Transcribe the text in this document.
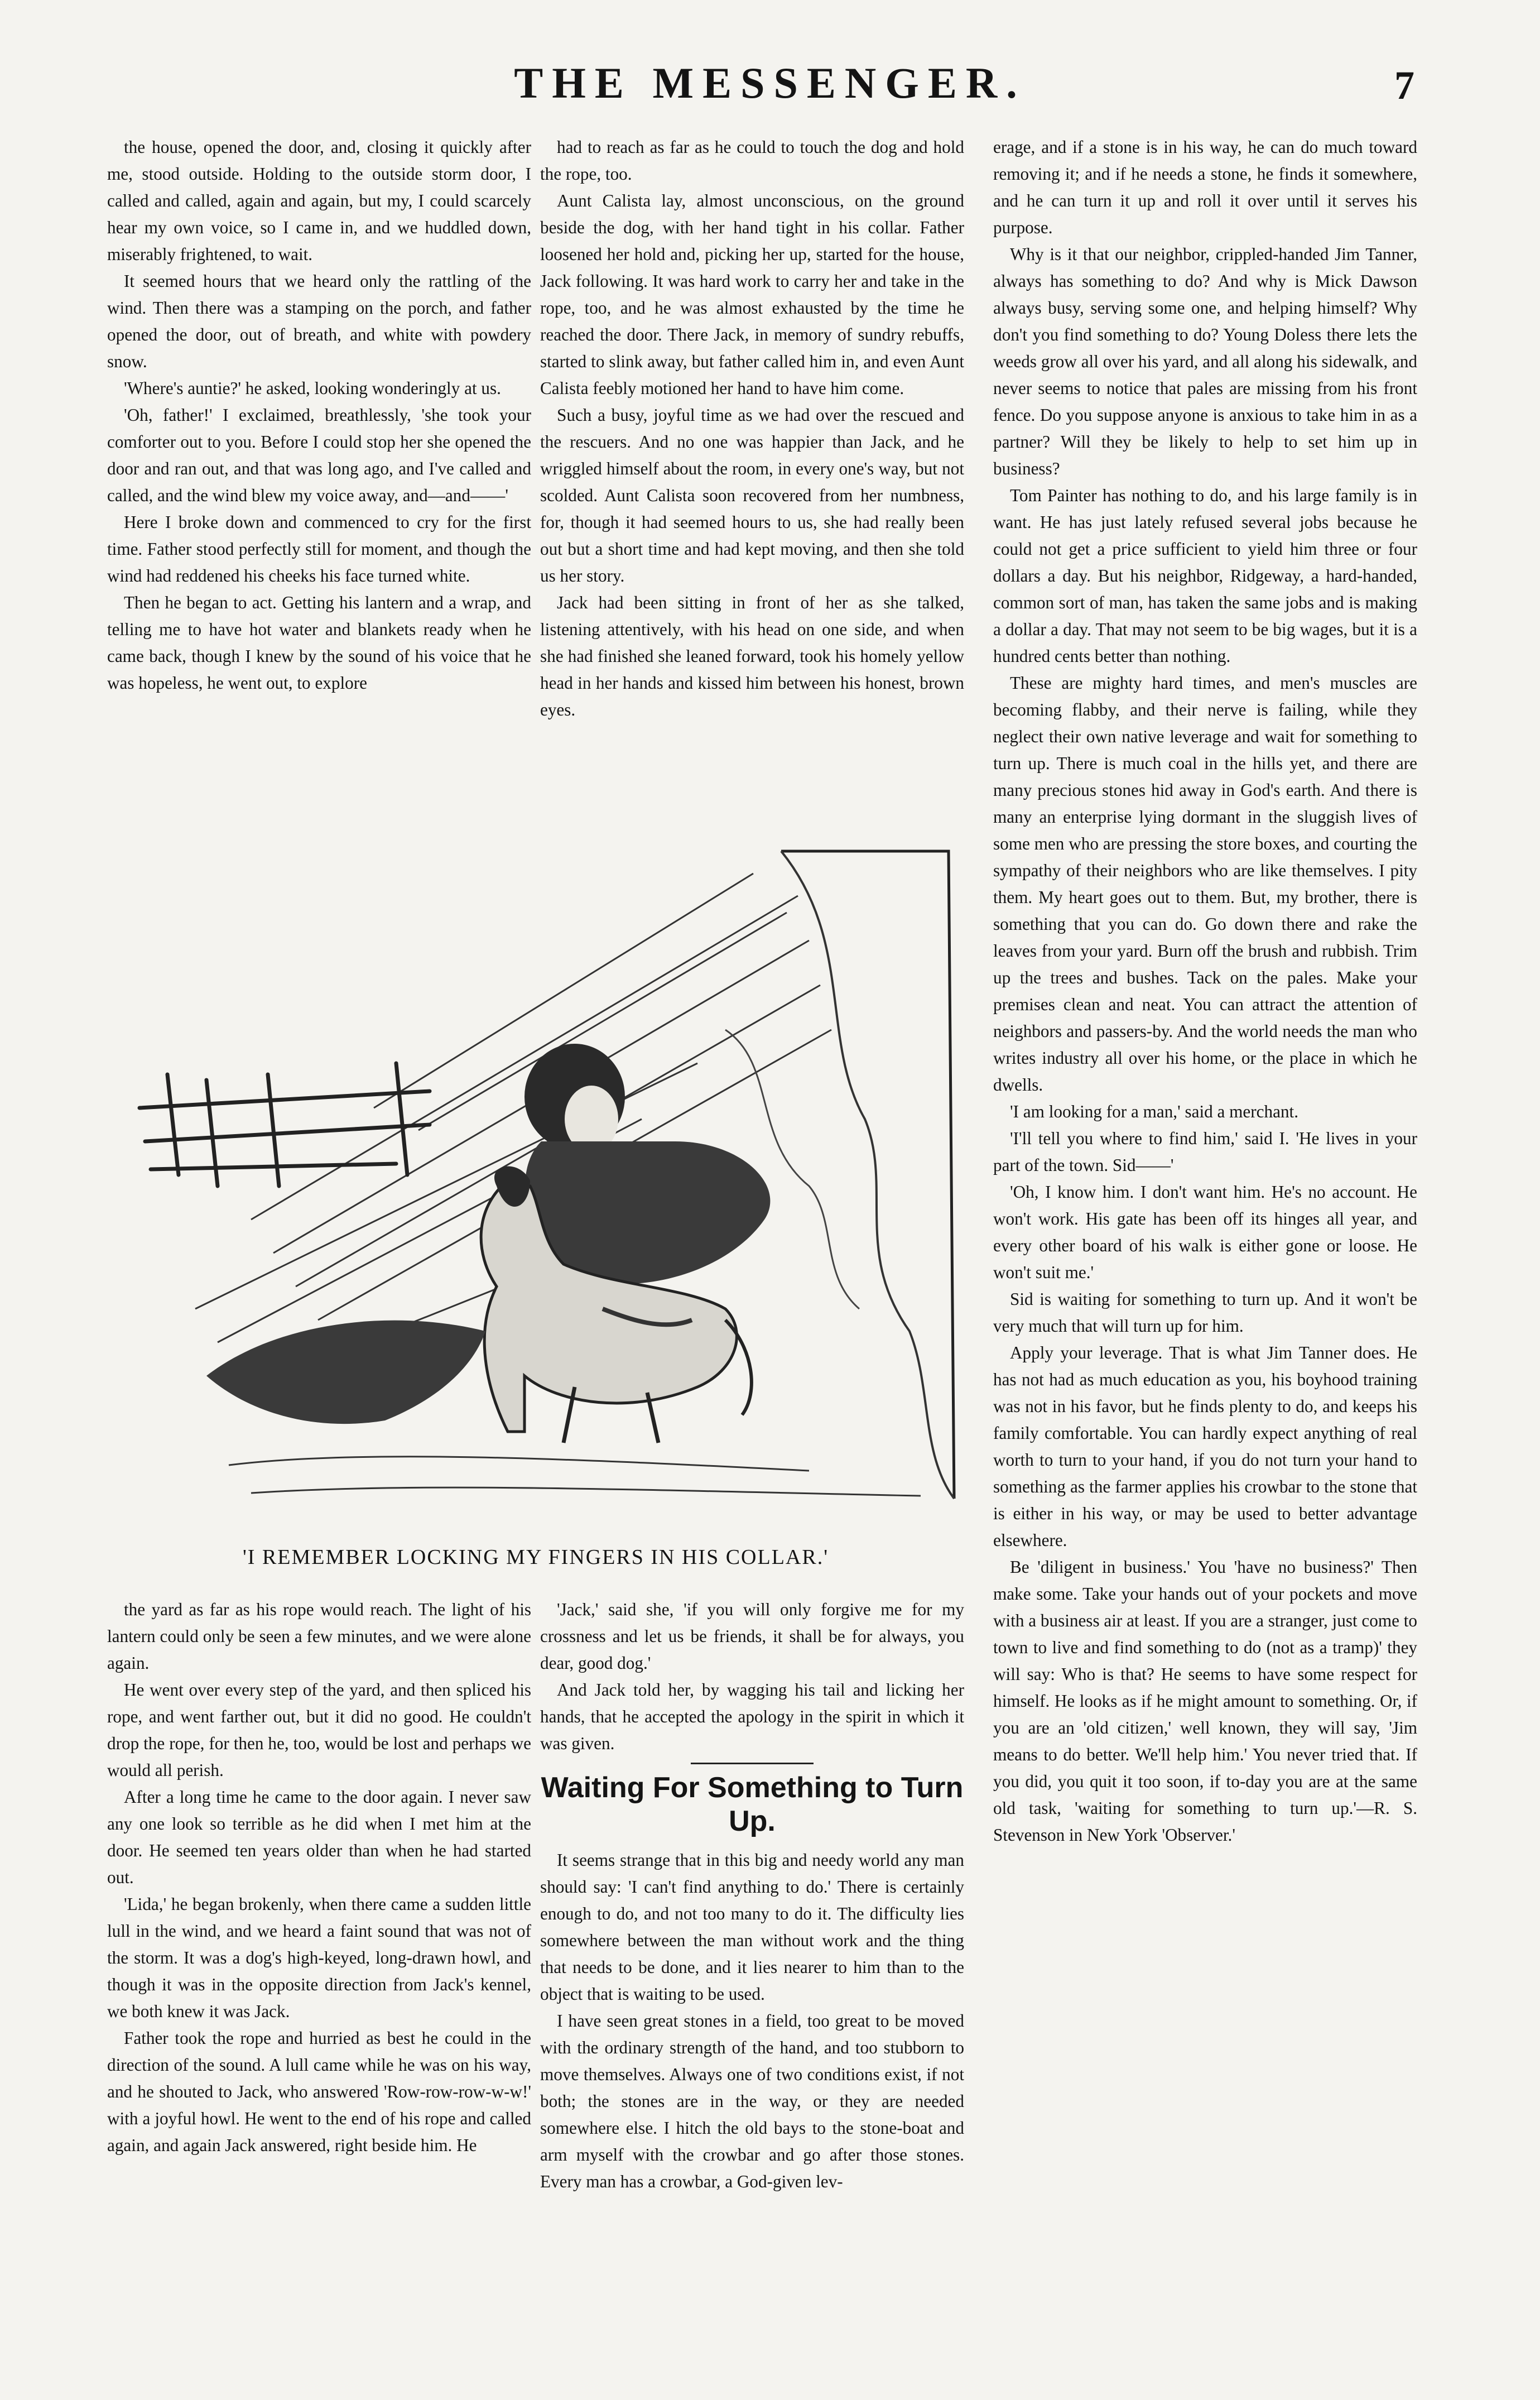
THE MESSENGER.	7

the house, opened the door, and, closing it quickly after me, stood outside. Holding to the outside storm door, I called and called, again and again, but my, I could scarcely hear my own voice, so I came in, and we huddled down, miserably frightened, to wait.

It seemed hours that we heard only the rattling of the wind. Then there was a stamping on the porch, and father opened the door, out of breath, and white with powdery snow.

'Where's auntie?' he asked, looking wonderingly at us.

'Oh, father!' I exclaimed, breathlessly, 'she took your comforter out to you. Before I could stop her she opened the door and ran out, and that was long ago, and I've called and called, and the wind blew my voice away, and—and——'

Here I broke down and commenced to cry for the first time. Father stood perfectly still for moment, and though the wind had reddened his cheeks his face turned white.

Then he began to act. Getting his lantern and a wrap, and telling me to have hot water and blankets ready when he came back, though I knew by the sound of his voice that he was hopeless, he went out, to explore

had to reach as far as he could to touch the dog and hold the rope, too.

Aunt Calista lay, almost unconscious, on the ground beside the dog, with her hand tight in his collar. Father loosened her hold and, picking her up, started for the house, Jack following. It was hard work to carry her and take in the rope, too, and he was almost exhausted by the time he reached the door. There Jack, in memory of sundry rebuffs, started to slink away, but father called him in, and even Aunt Calista feebly motioned her hand to have him come.

Such a busy, joyful time as we had over the rescued and the rescuers. And no one was happier than Jack, and he wriggled himself about the room, in every one's way, but not scolded. Aunt Calista soon recovered from her numbness, for, though it had seemed hours to us, she had really been out but a short time and had kept moving, and then she told us her story.

Jack had been sitting in front of her as she talked, listening attentively, with his head on one side, and when she had finished she leaned forward, took his homely yellow head in her hands and kissed him between his honest, brown eyes.

'I REMEMBER LOCKING MY FINGERS IN HIS COLLAR.'

the yard as far as his rope would reach. The light of his lantern could only be seen a few minutes, and we were alone again.

He went over every step of the yard, and then spliced his rope, and went farther out, but it did no good. He couldn't drop the rope, for then he, too, would be lost and perhaps we would all perish.

After a long time he came to the door again. I never saw any one look so terrible as he did when I met him at the door. He seemed ten years older than when he had started out.

'Lida,' he began brokenly, when there came a sudden little lull in the wind, and we heard a faint sound that was not of the storm. It was a dog's high-keyed, long-drawn howl, and though it was in the opposite direction from Jack's kennel, we both knew it was Jack.

Father took the rope and hurried as best he could in the direction of the sound. A lull came while he was on his way, and he shouted to Jack, who answered 'Row-row-row-w-w!' with a joyful howl. He went to the end of his rope and called again, and again Jack answered, right beside him. He

'Jack,' said she, 'if you will only forgive me for my crossness and let us be friends, it shall be for always, you dear, good dog.'

And Jack told her, by wagging his tail and licking her hands, that he accepted the apology in the spirit in which it was given.

Waiting For Something to Turn Up.

It seems strange that in this big and needy world any man should say: 'I can't find anything to do.' There is certainly enough to do, and not too many to do it. The difficulty lies somewhere between the man without work and the thing that needs to be done, and it lies nearer to him than to the object that is waiting to be used.

I have seen great stones in a field, too great to be moved with the ordinary strength of the hand, and too stubborn to move themselves. Always one of two conditions exist, if not both; the stones are in the way, or they are needed somewhere else. I hitch the old bays to the stone-boat and arm myself with the crowbar and go after those stones. Every man has a crowbar, a God-given lev-

erage, and if a stone is in his way, he can do much toward removing it; and if he needs a stone, he finds it somewhere, and he can turn it up and roll it over until it serves his purpose.

Why is it that our neighbor, crippled-handed Jim Tanner, always has something to do? And why is Mick Dawson always busy, serving some one, and helping himself? Why don't you find something to do? Young Doless there lets the weeds grow all over his yard, and all along his sidewalk, and never seems to notice that pales are missing from his front fence. Do you suppose anyone is anxious to take him in as a partner? Will they be likely to help to set him up in business?

Tom Painter has nothing to do, and his large family is in want. He has just lately refused several jobs because he could not get a price sufficient to yield him three or four dollars a day. But his neighbor, Ridgeway, a hard-handed, common sort of man, has taken the same jobs and is making a dollar a day. That may not seem to be big wages, but it is a hundred cents better than nothing.

These are mighty hard times, and men's muscles are becoming flabby, and their nerve is failing, while they neglect their own native leverage and wait for something to turn up. There is much coal in the hills yet, and there are many precious stones hid away in God's earth. And there is many an enterprise lying dormant in the sluggish lives of some men who are pressing the store boxes, and courting the sympathy of their neighbors who are like themselves. I pity them. My heart goes out to them. But, my brother, there is something that you can do. Go down there and rake the leaves from your yard. Burn off the brush and rubbish. Trim up the trees and bushes. Tack on the pales. Make your premises clean and neat. You can attract the attention of neighbors and passers-by. And the world needs the man who writes industry all over his home, or the place in which he dwells.

'I am looking for a man,' said a merchant.

'I'll tell you where to find him,' said I. 'He lives in your part of the town. Sid——'

'Oh, I know him. I don't want him. He's no account. He won't work. His gate has been off its hinges all year, and every other board of his walk is either gone or loose. He won't suit me.'

Sid is waiting for something to turn up. And it won't be very much that will turn up for him.

Apply your leverage. That is what Jim Tanner does. He has not had as much education as you, his boyhood training was not in his favor, but he finds plenty to do, and keeps his family comfortable. You can hardly expect anything of real worth to turn to your hand, if you do not turn your hand to something as the farmer applies his crowbar to the stone that is either in his way, or may be used to better advantage elsewhere.

Be 'diligent in business.' You 'have no business?' Then make some. Take your hands out of your pockets and move with a business air at least. If you are a stranger, just come to town to live and find something to do (not as a tramp)' they will say: Who is that? He seems to have some respect for himself. He looks as if he might amount to something. Or, if you are an 'old citizen,' well known, they will say, 'Jim means to do better. We'll help him.' You never tried that. If you did, you quit it too soon, if to-day you are at the same old task, 'waiting for something to turn up.'—R. S. Stevenson in New York 'Observer.'
